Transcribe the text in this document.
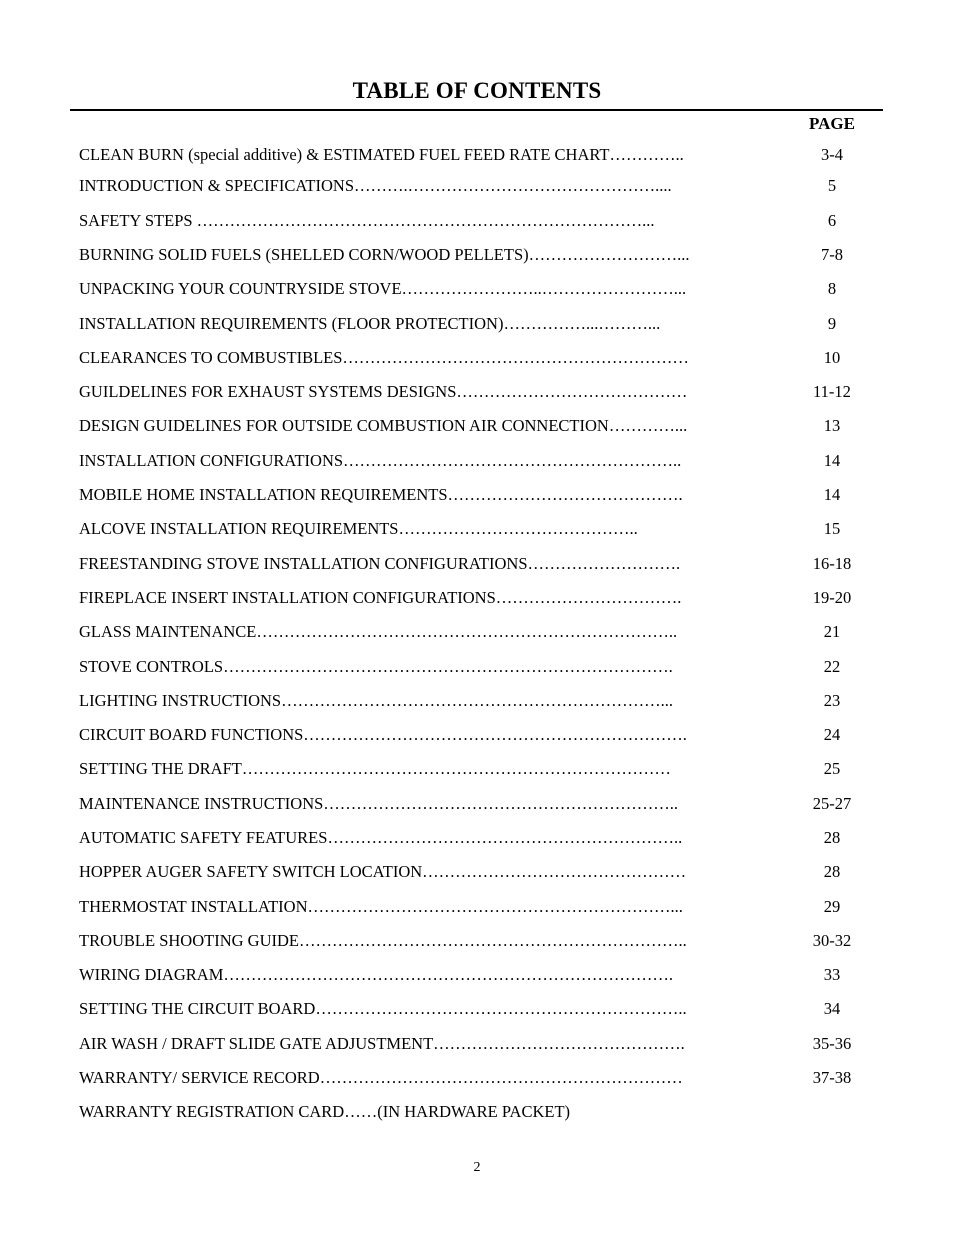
TABLE OF CONTENTS
PAGE
CLEAN BURN (special additive) & ESTIMATED FUEL FEED RATE CHART…………..	3-4
INTRODUCTION & SPECIFICATIONS……….………………………………………....	5
SAFETY STEPS ………………………………………………………………………...	6
BURNING SOLID FUELS (SHELLED CORN/WOOD PELLETS)………………………...	7-8
UNPACKING YOUR COUNTRYSIDE STOVE……………………..……………………...	8
INSTALLATION REQUIREMENTS (FLOOR PROTECTION)……………...………...	9
CLEARANCES TO COMBUSTIBLES………………………………………………………	10
GUILDELINES FOR EXHAUST SYSTEMS DESIGNS……………………………………	11-12
DESIGN GUIDELINES FOR OUTSIDE COMBUSTION AIR CONNECTION…………...	13
INSTALLATION CONFIGURATIONS……………………………………………………..	14
MOBILE HOME INSTALLATION REQUIREMENTS…………………………………….	14
ALCOVE INSTALLATION REQUIREMENTS……………………………………..	15
FREESTANDING STOVE INSTALLATION CONFIGURATIONS……………………….	16-18
FIREPLACE INSERT INSTALLATION CONFIGURATIONS…………………………….	19-20
GLASS MAINTENANCE…………………………………………………………………..	21
STOVE CONTROLS……………………………………………………………………….	22
LIGHTING INSTRUCTIONS……………………………………………………………...	23
CIRCUIT BOARD FUNCTIONS…………………………………………………………….	24
SETTING THE DRAFT……………………………………………………………………	25
MAINTENANCE INSTRUCTIONS………………………………………………………..	25-27
AUTOMATIC SAFETY FEATURES………………………………………………………..	28
HOPPER AUGER SAFETY SWITCH LOCATION…………………………………………	28
THERMOSTAT INSTALLATION…………………………………………………………...	29
TROUBLE SHOOTING GUIDE……………………………………………………………..	30-32
WIRING DIAGRAM……………………………………………………………………….	33
SETTING THE CIRCUIT BOARD…………………………………………………………..	34
AIR WASH / DRAFT SLIDE GATE ADJUSTMENT……………………………………….	35-36
WARRANTY/ SERVICE RECORD…………………………………………………………	37-38
WARRANTY REGISTRATION CARD……(IN HARDWARE PACKET)
2
